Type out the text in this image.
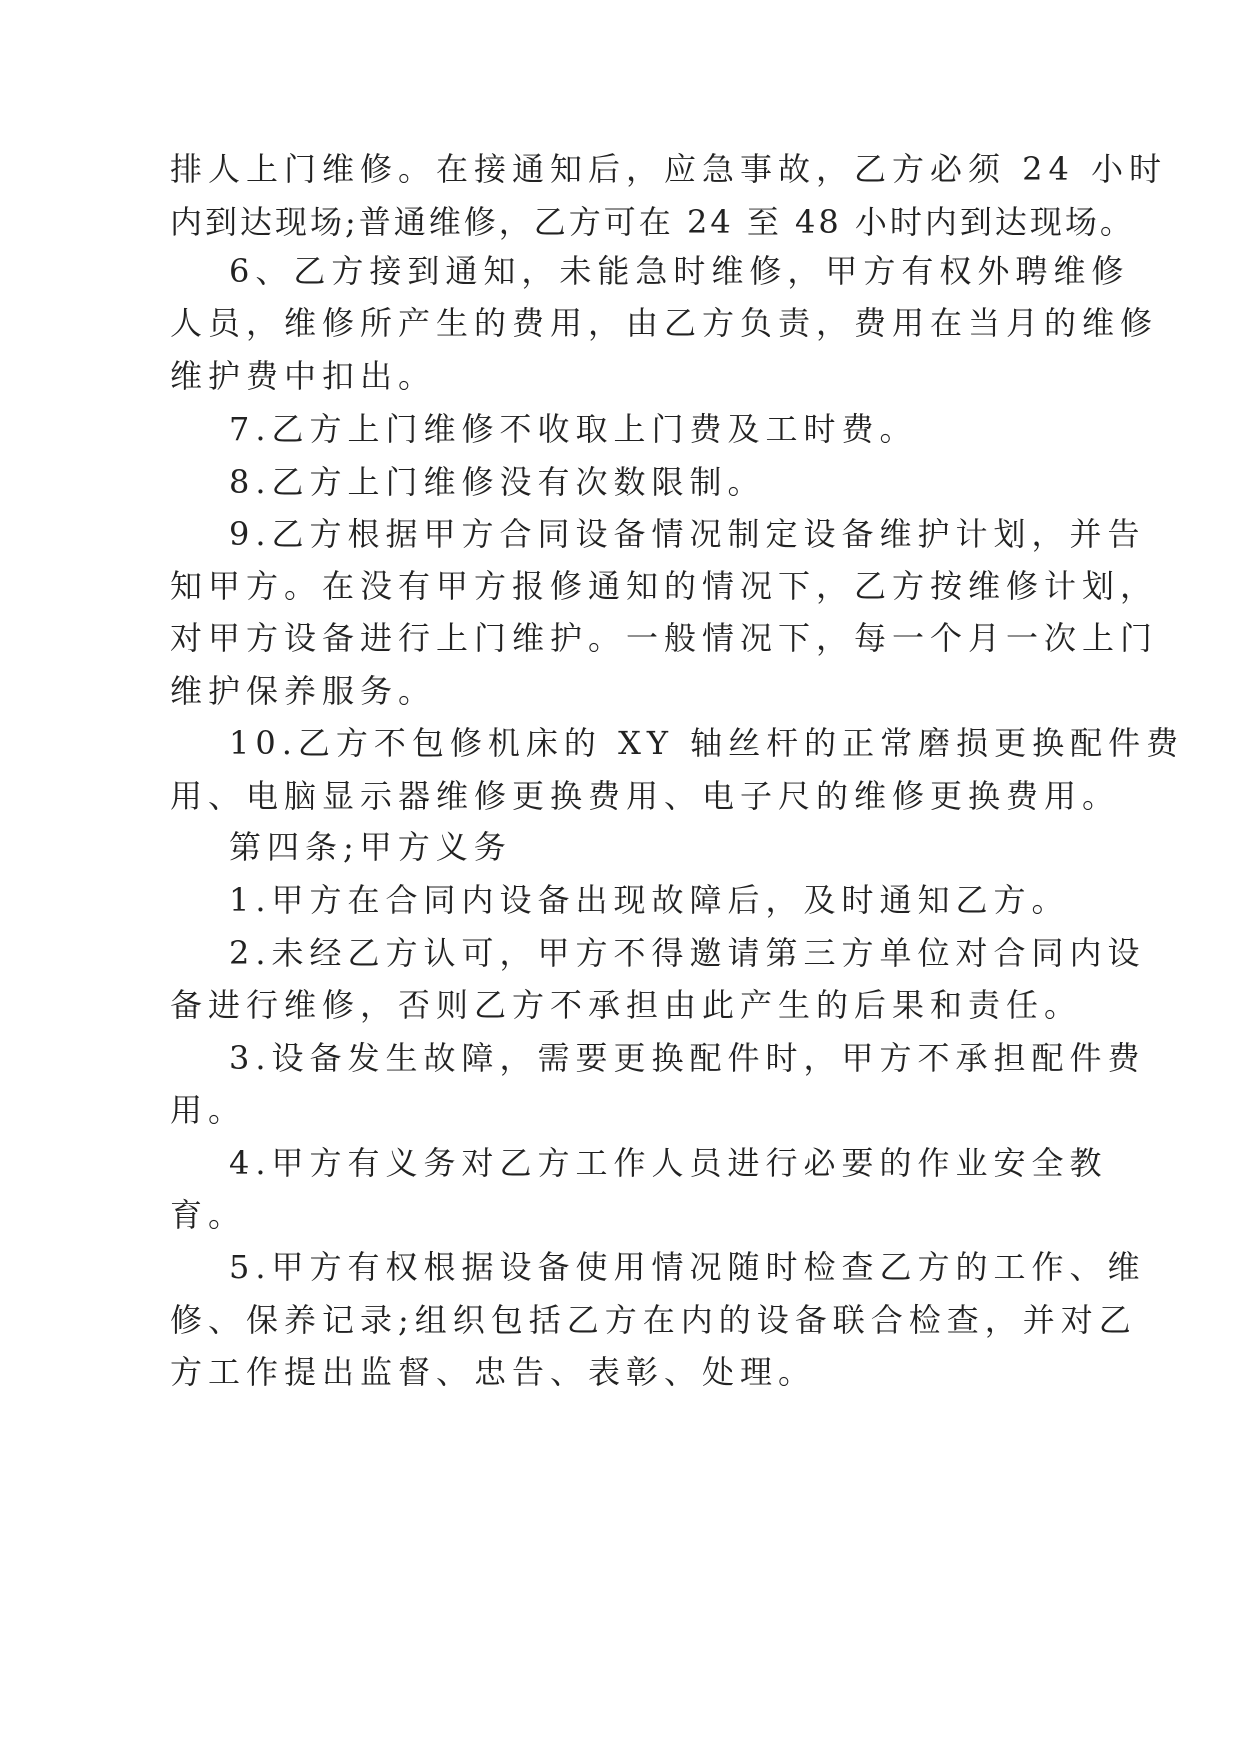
排人上门维修。在接通知后，应急事故，乙方必须 24 小时
内到达现场;普通维修，乙方可在 24 至 48 小时内到达现场。
6、乙方接到通知，未能急时维修，甲方有权外聘维修
人员，维修所产生的费用，由乙方负责，费用在当月的维修
维护费中扣出。
7.乙方上门维修不收取上门费及工时费。
8.乙方上门维修没有次数限制。
9.乙方根据甲方合同设备情况制定设备维护计划，并告
知甲方。在没有甲方报修通知的情况下，乙方按维修计划，
对甲方设备进行上门维护。一般情况下，每一个月一次上门
维护保养服务。
10.乙方不包修机床的 XY 轴丝杆的正常磨损更换配件费
用、电脑显示器维修更换费用、电子尺的维修更换费用。
第四条;甲方义务
1.甲方在合同内设备出现故障后，及时通知乙方。
2.未经乙方认可，甲方不得邀请第三方单位对合同内设
备进行维修，否则乙方不承担由此产生的后果和责任。
3.设备发生故障，需要更换配件时，甲方不承担配件费
用。
4.甲方有义务对乙方工作人员进行必要的作业安全教
育。
5.甲方有权根据设备使用情况随时检查乙方的工作、维
修、保养记录;组织包括乙方在内的设备联合检查，并对乙
方工作提出监督、忠告、表彰、处理。
